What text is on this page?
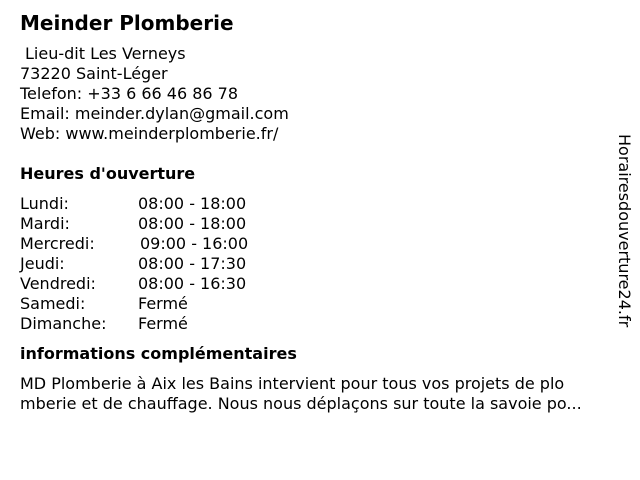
Meinder Plomberie
Lieu-dit Les Verneys
73220 Saint-Léger
Telefon: +33 6 66 46 86 78
Email: meinder.dylan@gmail.com
Web: www.meinderplomberie.fr/
Heures d'ouverture
Lundi:	08:00 - 18:00
Mardi:	08:00 - 18:00
Mercredi:	09:00 - 16:00
Jeudi:	08:00 - 17:30
Vendredi:	08:00 - 16:30
Samedi:	Fermé
Dimanche: Fermé
informations complémentaires
MD Plomberie à Aix les Bains intervient pour tous vos projets de plo
mberie et de chauffage. Nous nous déplaçons sur toute la savoie po...
Horairesdouverture24.fr
